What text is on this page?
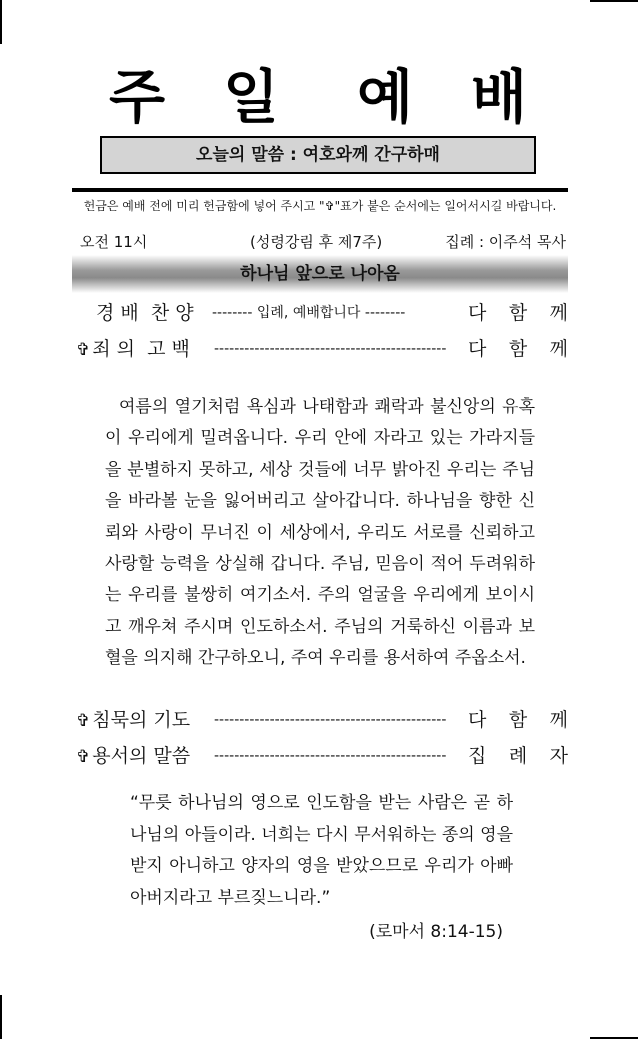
주 일 예 배
오늘의 말씀 : 여호와께 간구하매
헌금은 예배 전에 미리 헌금함에 넣어 주시고 "✞"표가 붙은 순서에는 일어서시길 바랍니다.
오전 11시	(성령강림 후 제7주)	집례 : 이주석 목사
하나님 앞으로 나아옴
경 배  찬 양 -------- 입례, 예배합니다 --------	다 함 께
✞ 죄 의  고 백 ----------------------------------------------	다 함 께
여름의 열기처럼 욕심과 나태함과 쾌락과 불신앙의 유혹이 우리에게 밀려옵니다. 우리 안에 자라고 있는 가라지들을 분별하지 못하고, 세상 것들에 너무 밝아진 우리는 주님을 바라볼 눈을 잃어버리고 살아갑니다. 하나님을 향한 신뢰와 사랑이 무너진 이 세상에서, 우리도 서로를 신뢰하고 사랑할 능력을 상실해 갑니다. 주님, 믿음이 적어 두려워하는 우리를 불쌍히 여기소서. 주의 얼굴을 우리에게 보이시고 깨우쳐 주시며 인도하소서. 주님의 거룩하신 이름과 보혈을 의지해 간구하오니, 주여 우리를 용서하여 주옵소서.
✞ 침묵의 기도 ----------------------------------------------	다 함 께
✞ 용서의 말씀 ----------------------------------------------	집 례 자
“무릇 하나님의 영으로 인도함을 받는 사람은 곧 하나님의 아들이라. 너희는 다시 무서워하는 종의 영을 받지 아니하고 양자의 영을 받았으므로 우리가 아빠 아버지라고 부르짖느니라.”
(로마서 8:14-15)
